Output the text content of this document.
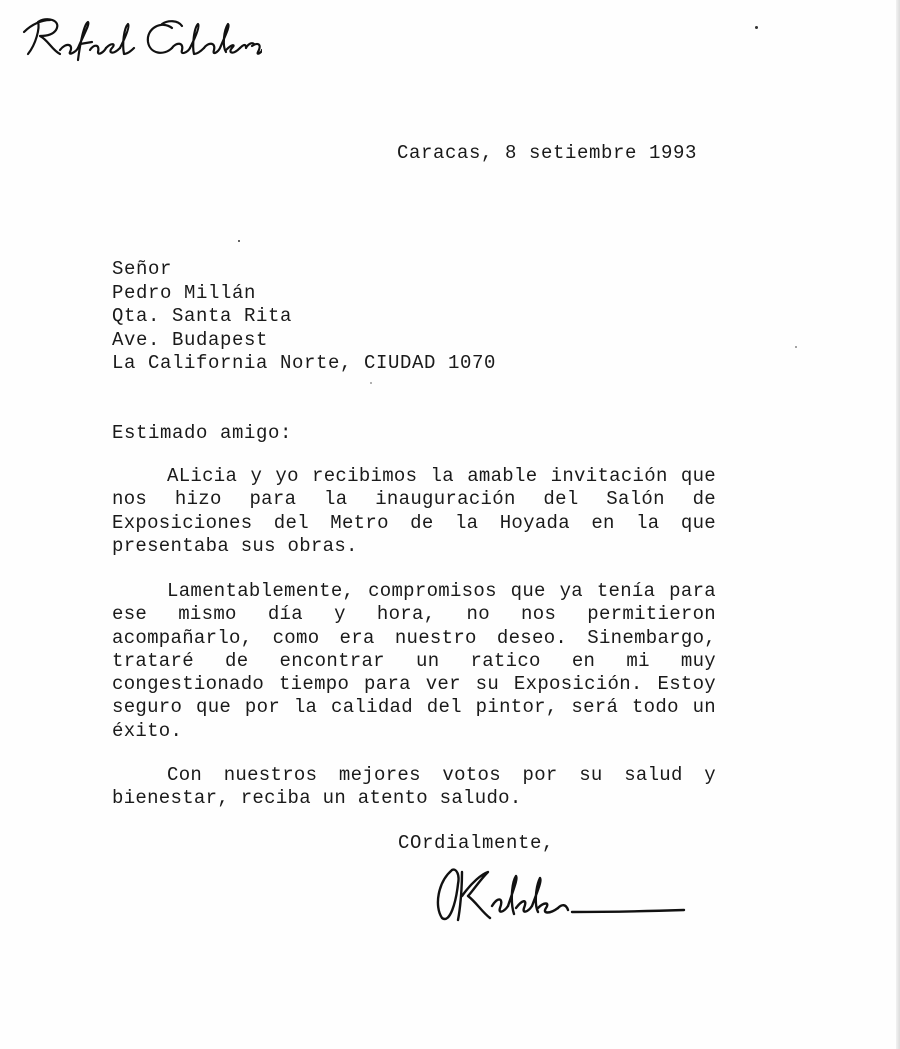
Caracas, 8 setiembre 1993
Señor
Pedro Millán
Qta. Santa Rita
Ave. Budapest
La California Norte, CIUDAD 1070
Estimado amigo:
ALicia y yo recibimos la amable invitación que nos hizo para la inauguración del Salón de Exposiciones del Metro de la Hoyada en la que presentaba sus obras.
Lamentablemente, compromisos que ya tenía para ese mismo día y hora, no nos permitieron acompañarlo, como era nuestro deseo. Sinembargo, trataré de encontrar un ratico en mi muy congestionado tiempo para ver su Exposición. Estoy seguro que por la calidad del pintor, será todo un éxito.
Con nuestros mejores votos por su salud y bienestar, reciba un atento saludo.
COrdialmente,
